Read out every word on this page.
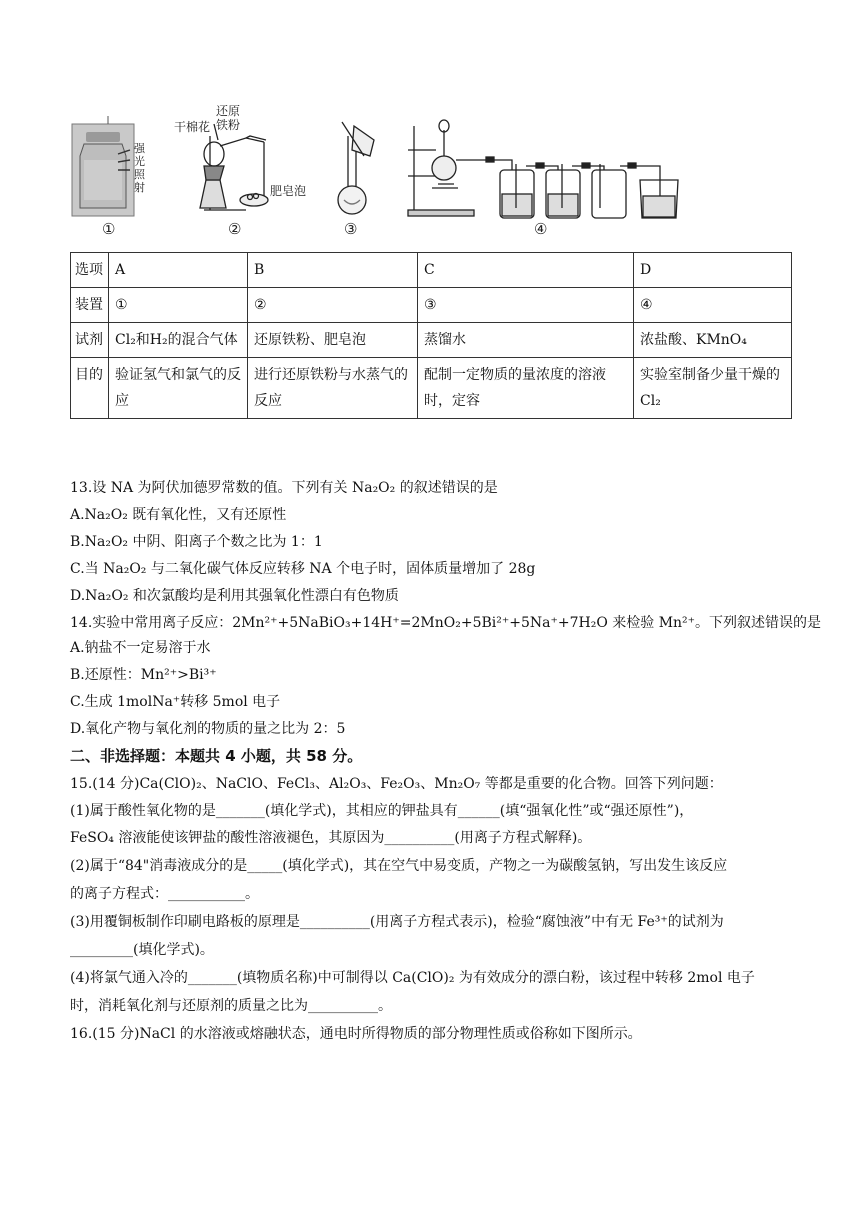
干棉花
还原
铁粉
肥皂泡
强
光
照
射
①	②	③	④
选项	A	B	C	D
装置	①	②	③	④
试剂	Cl₂和H₂的混合气体	还原铁粉、肥皂泡	蒸馏水	浓盐酸、KMnO₄
目的	验证氢气和氯气的反应	进行还原铁粉与水蒸气的反应	配制一定物质的量浓度的溶液时，定容	实验室制备少量干燥的Cl₂
13.设 NA 为阿伏加德罗常数的值。下列有关 Na₂O₂ 的叙述错误的是
A.Na₂O₂ 既有氧化性，又有还原性
B.Na₂O₂ 中阴、阳离子个数之比为 1：1
C.当 Na₂O₂ 与二氧化碳气体反应转移 NA 个电子时，固体质量增加了 28g
D.Na₂O₂ 和次氯酸均是利用其强氧化性漂白有色物质
14.实验中常用离子反应：2Mn²⁺+5NaBiO₃+14H⁺=2MnO₂+5Bi²⁺+5Na⁺+7H₂O 来检验 Mn²⁺。下列叙述错误的是
A.钠盐不一定易溶于水
B.还原性：Mn²⁺>Bi³⁺
C.生成 1molNa⁺转移 5mol 电子
D.氧化产物与氧化剂的物质的量之比为 2：5
二、非选择题：本题共 4 小题，共 58 分。
15.(14 分)Ca(ClO)₂、NaClO、FeCl₃、Al₂O₃、Fe₂O₃、Mn₂O₇ 等都是重要的化合物。回答下列问题：
(1)属于酸性氧化物的是_______(填化学式)，其相应的钾盐具有______(填“强氧化性”或“强还原性”)，
FeSO₄ 溶液能使该钾盐的酸性溶液褪色，其原因为__________(用离子方程式解释)。
(2)属于“84"消毒液成分的是_____(填化学式)，其在空气中易变质，产物之一为碳酸氢钠，写出发生该反应
的离子方程式：___________。
(3)用覆铜板制作印刷电路板的原理是__________(用离子方程式表示)，检验“腐蚀液”中有无 Fe³⁺的试剂为
_________(填化学式)。
(4)将氯气通入冷的_______(填物质名称)中可制得以 Ca(ClO)₂ 为有效成分的漂白粉，该过程中转移 2mol 电子
时，消耗氧化剂与还原剂的质量之比为__________。
16.(15 分)NaCl 的水溶液或熔融状态，通电时所得物质的部分物理性质或俗称如下图所示。
